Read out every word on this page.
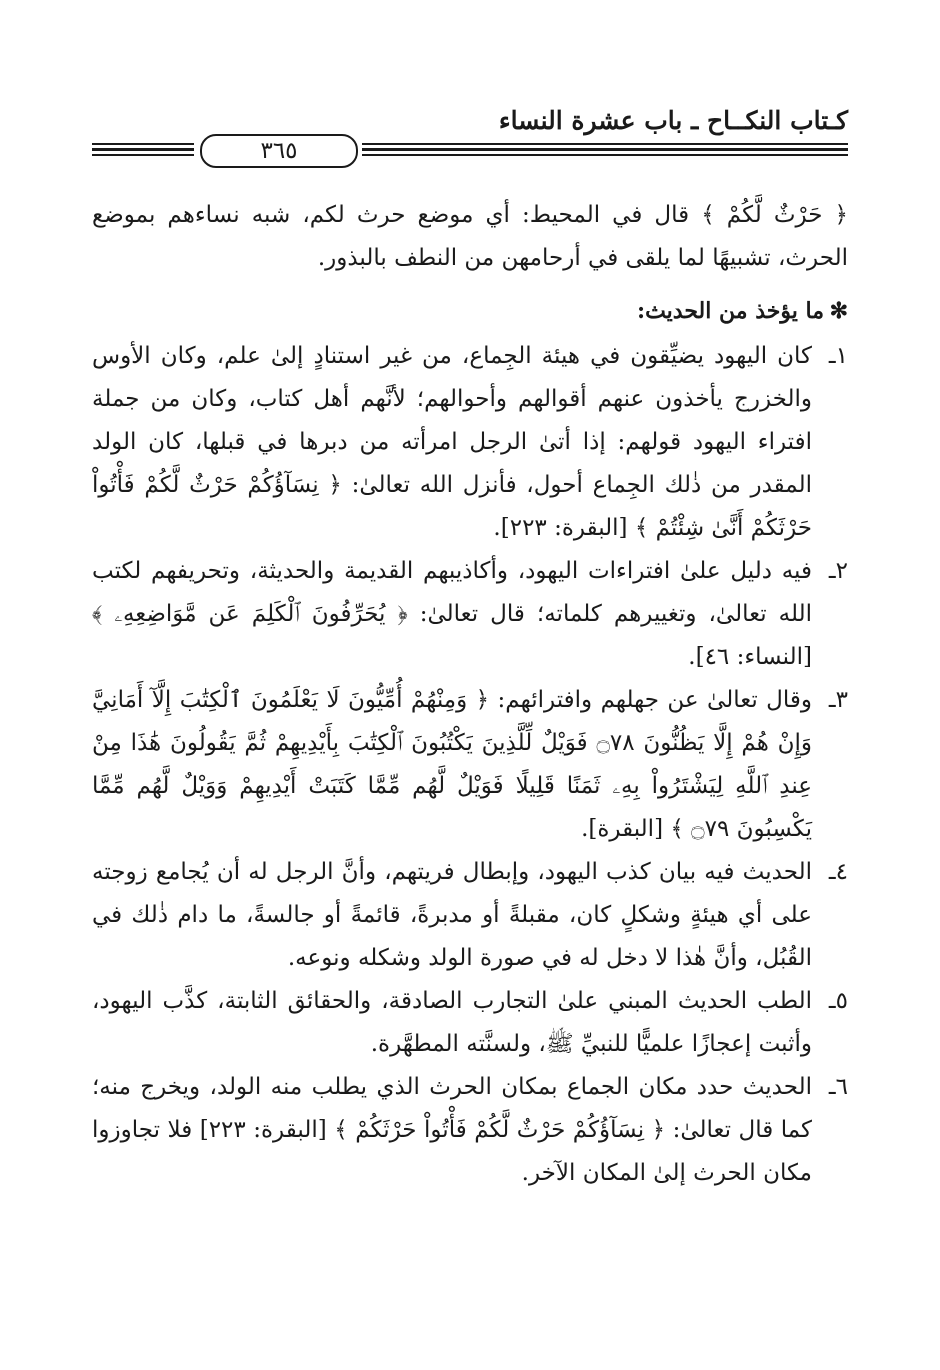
كـتاب النكــاح ـ باب عشرة النساء
٣٦٥

﴿ حَرْثٌ لَّكُمْ ﴾ قال في المحيط: أي موضع حرث لكم، شبه نساءهم بموضع الحرث، تشبيهًا لما يلقى في أرحامهن من النطف بالبذور.

✻ما يؤخذ من الحديث:
١ـ
كان اليهود يضيِّقون في هيئة الجِماع، من غير استنادٍ إلىٰ علم، وكان الأوس والخزرج يأخذون عنهم أقوالهم وأحوالهم؛ لأنَّهم أهل كتاب، وكان من جملة افتراء اليهود قولهم: إذا أتىٰ الرجل امرأته من دبرها في قبلها، كان الولد المقدر من ذٰلك الجِماع أحول، فأنزل الله تعالىٰ: ﴿ نِسَآؤُكُمْ حَرْثٌ لَّكُمْ فَأْتُواْ حَرْثَكُمْ أَنَّىٰ شِئْتُمْ ﴾ [البقرة: ٢٢٣].
٢ـ
فيه دليل علىٰ افتراءات اليهود، وأكاذيبهم القديمة والحديثة، وتحريفهم لكتب الله تعالىٰ، وتغييرهم كلماته؛ قال تعالىٰ: ﴿ يُحَرِّفُونَ ٱلْكَلِمَ عَن مَّوَاضِعِهِۦ ﴾ [النساء: ٤٦].
٣ـ
وقال تعالىٰ عن جهلهم وافترائهم: ﴿ وَمِنْهُمْ أُمِّيُّونَ لَا يَعْلَمُونَ ٱلْكِتَٰبَ إِلَّآ أَمَانِيَّ وَإِنْ هُمْ إِلَّا يَظُنُّونَ ۝٧٨ فَوَيْلٌ لِّلَّذِينَ يَكْتُبُونَ ٱلْكِتَٰبَ بِأَيْدِيهِمْ ثُمَّ يَقُولُونَ هَٰذَا مِنْ عِندِ ٱللَّهِ لِيَشْتَرُواْ بِهِۦ ثَمَنًا قَلِيلًا فَوَيْلٌ لَّهُم مِّمَّا كَتَبَتْ أَيْدِيهِمْ وَوَيْلٌ لَّهُم مِّمَّا يَكْسِبُونَ ۝٧٩ ﴾ [البقرة].
٤ـ
الحديث فيه بيان كذب اليهود، وإبطال فريتهم، وأنَّ الرجل له أن يُجامع زوجته على أي هيئةٍ وشكلٍ كان، مقبلةً أو مدبرةً، قائمةً أو جالسةً، ما دام ذٰلك في القُبُل، وأنَّ هٰذا لا دخل له في صورة الولد وشكله ونوعه.
٥ـ
الطب الحديث المبني علىٰ التجارب الصادقة، والحقائق الثابتة، كذَّب اليهود، وأثبت إعجازًا علميًّا للنبيِّ ﷺ، ولسنَّته المطهَّرة.
٦ـ
الحديث حدد مكان الجماع بمكان الحرث الذي يطلب منه الولد، ويخرج منه؛ كما قال تعالىٰ: ﴿ نِسَآؤُكُمْ حَرْثٌ لَّكُمْ فَأْتُواْ حَرْثَكُمْ ﴾ [البقرة: ٢٢٣] فلا تجاوزوا مكان الحرث إلىٰ المكان الآخر.
